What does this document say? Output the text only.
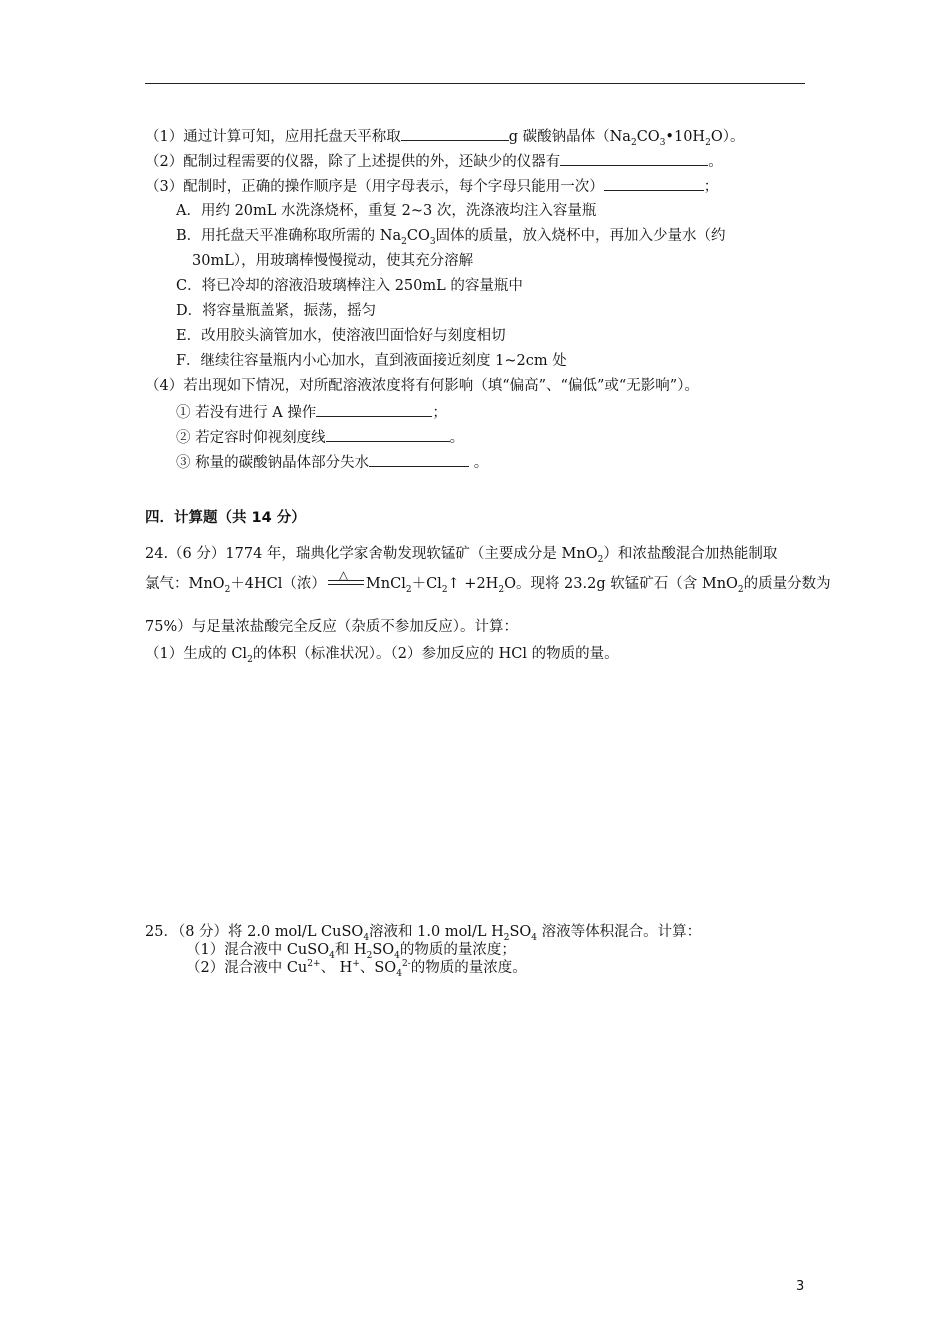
（1）通过计算可知，应用托盘天平称取	g 碳酸钠晶体$(Na_2CO_3•10H_2O)$。
（2）配制过程需要的仪器，除了上述提供的外，还缺少的仪器有	。
（3）配制时，正确的操作顺序是（用字母表示，每个字母只能用一次）	；
A．用约 20mL 水洗涤烧杯，重复 2~3 次，洗涤液均注入容量瓶
B．用托盘天平准确称取所需的 $Na_2CO_3$固体的质量，放入烧杯中，再加入少量水（约
30mL），用玻璃棒慢慢搅动，使其充分溶解
C．将已冷却的溶液沿玻璃棒注入 250mL 的容量瓶中
D．将容量瓶盖紧，振荡，摇匀
E．改用胶头滴管加水，使溶液凹面恰好与刻度相切
F．继续往容量瓶内小心加水，直到液面接近刻度 1~2cm 处
（4）若出现如下情况，对所配溶液浓度将有何影响（填“偏高”、“偏低”或“无影响”）。
① 若没有进行 A 操作	；
② 若定容时仰视刻度线	。
③ 称量的碳酸钠晶体部分失水	。
四．计算题（共 14 分）
24.（6 分）1774 年，瑞典化学家舍勒发现软锰矿（主要成分是 MnO$_2$）和浓盐酸混合加热能制取
氯气：MnO$_2$＋4HCl（浓）
△
$MnCl_2+Cl_2↑ +2H_2O$。现将 23.2g 软锰矿石（含 MnO$_2$的质量分数为
75%）与足量浓盐酸完全反应（杂质不参加反应）。计算：
（1）生成的 $Cl_2$的体积（标准状况）。（2）参加反应的 HCl 的物质的量。
25．（8 分）将 2.0 mol/L CuSO$_4$溶液和 1.0 mol/L $H_2SO_4$ 溶液等体积混合。计算：
（1）混合液中 CuSO$_4$和 $H_2SO_4$的物质的量浓度；
（2）混合液中 $Cu^{2+}$、 H+、$SO_4^{2-}$的物质的量浓度。
3
